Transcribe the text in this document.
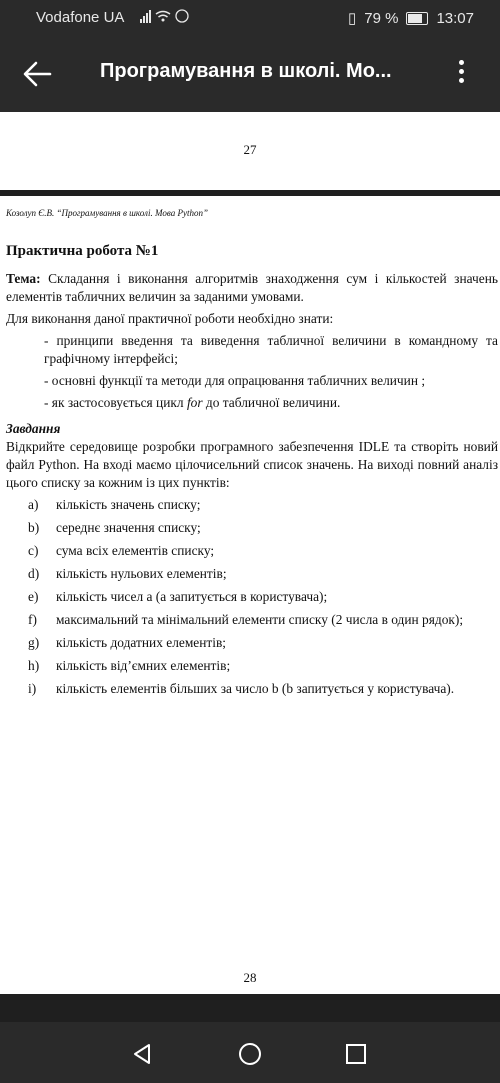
Vodafone UA	▯ 79 %	13:07
Програмування в школі. Мо...
27
Козолуп Є.В. “Програмування в школі. Мова Python”
Практична робота №1

Тема: Складання і виконання алгоритмів знаходження сум і кількостей значень елементів табличних величин за заданими умовами.

Для виконання даної практичної роботи необхідно знати:

- принципи введення та виведення табличної величини в командному та графічному інтерфейсі;
- основні функції та методи для опрацювання табличних величин ;
- як застосовується цикл for до табличної величини.
Завдання

Відкрийте середовище розробки програмного забезпечення IDLE та створіть новий файл Python. На вході маємо цілочисельний список значень. На виході повний аналіз цього списку за кожним із цих пунктів:

a)	кількість значень списку;
b)	середнє значення списку;
c)	сума всіх елементів списку;
d)	кількість нульових елементів;
e)	кількість чисел a (a запитується в користувача);
f)	максимальний та мінімальний елементи списку (2 числа в один рядок);
g)	кількість додатних елементів;
h)	кількість від’ємних елементів;
i)	кількість елементів більших за число b (b запитується у користувача).
28
